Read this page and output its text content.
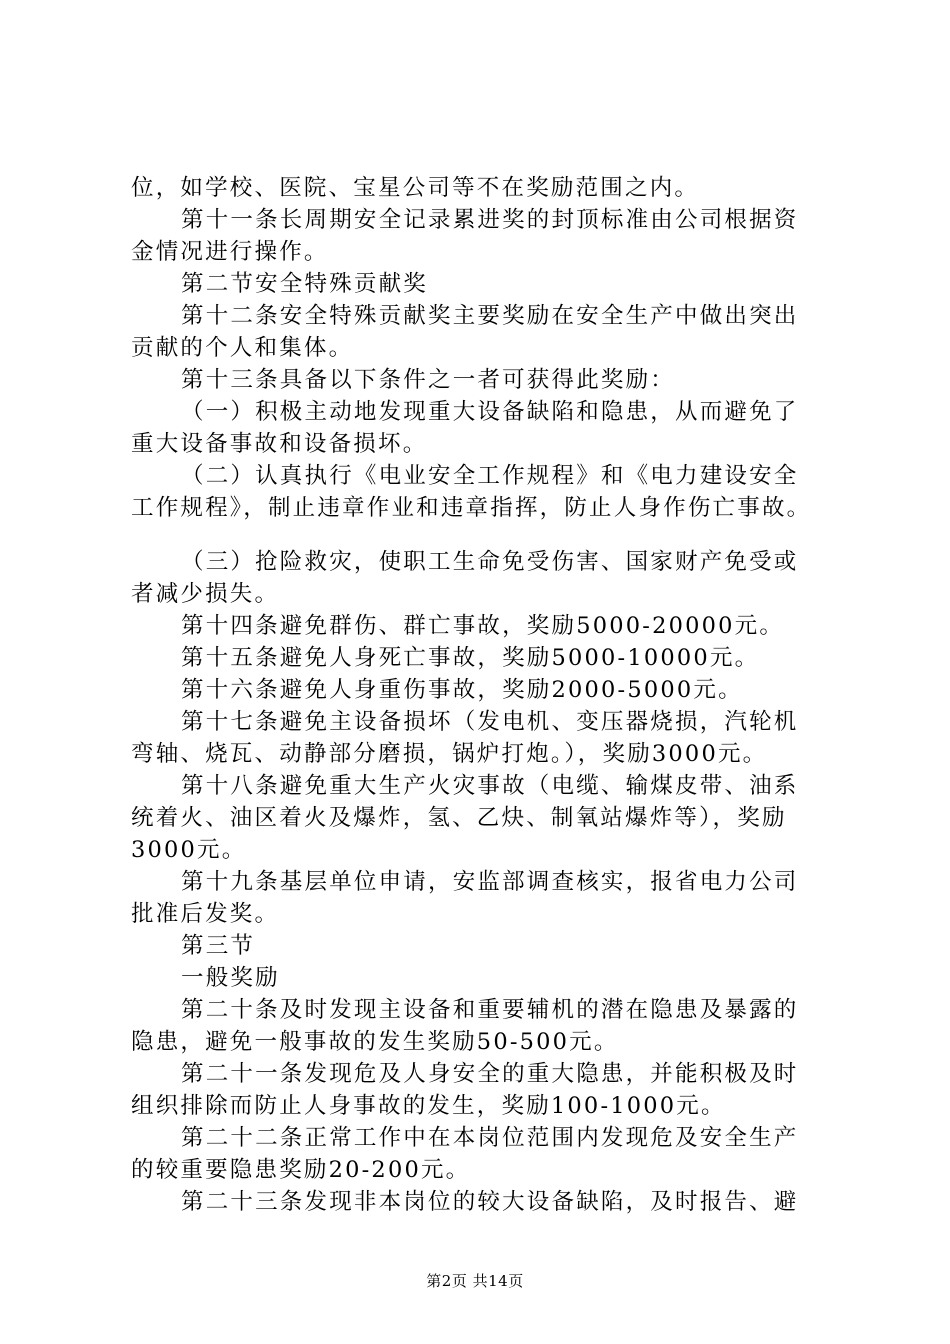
位，如学校、医院、宝星公司等不在奖励范围之内。
第十一条长周期安全记录累进奖的封顶标准由公司根据资
金情况进行操作。
第二节安全特殊贡献奖
第十二条安全特殊贡献奖主要奖励在安全生产中做出突出
贡献的个人和集体。
第十三条具备以下条件之一者可获得此奖励：
（一）积极主动地发现重大设备缺陷和隐患，从而避免了
重大设备事故和设备损坏。
（二）认真执行《电业安全工作规程》和《电力建设安全
工作规程》，制止违章作业和违章指挥，防止人身作伤亡事故。
（三）抢险救灾，使职工生命免受伤害、国家财产免受或
者减少损失。
第十四条避免群伤、群亡事故，奖励5000-20000元。
第十五条避免人身死亡事故，奖励5000-10000元。
第十六条避免人身重伤事故，奖励2000-5000元。
第十七条避免主设备损坏（发电机、变压器烧损，汽轮机
弯轴、烧瓦、动静部分磨损，锅炉打炮。），奖励3000元。
第十八条避免重大生产火灾事故（电缆、输煤皮带、油系
统着火、油区着火及爆炸，氢、乙炔、制氧站爆炸等），奖励
3000元。
第十九条基层单位申请，安监部调查核实，报省电力公司
批准后发奖。
第三节
一般奖励
第二十条及时发现主设备和重要辅机的潜在隐患及暴露的
隐患，避免一般事故的发生奖励50-500元。
第二十一条发现危及人身安全的重大隐患，并能积极及时
组织排除而防止人身事故的发生，奖励100-1000元。
第二十二条正常工作中在本岗位范围内发现危及安全生产
的较重要隐患奖励20-200元。
第二十三条发现非本岗位的较大设备缺陷，及时报告、避
第2页 共14页
